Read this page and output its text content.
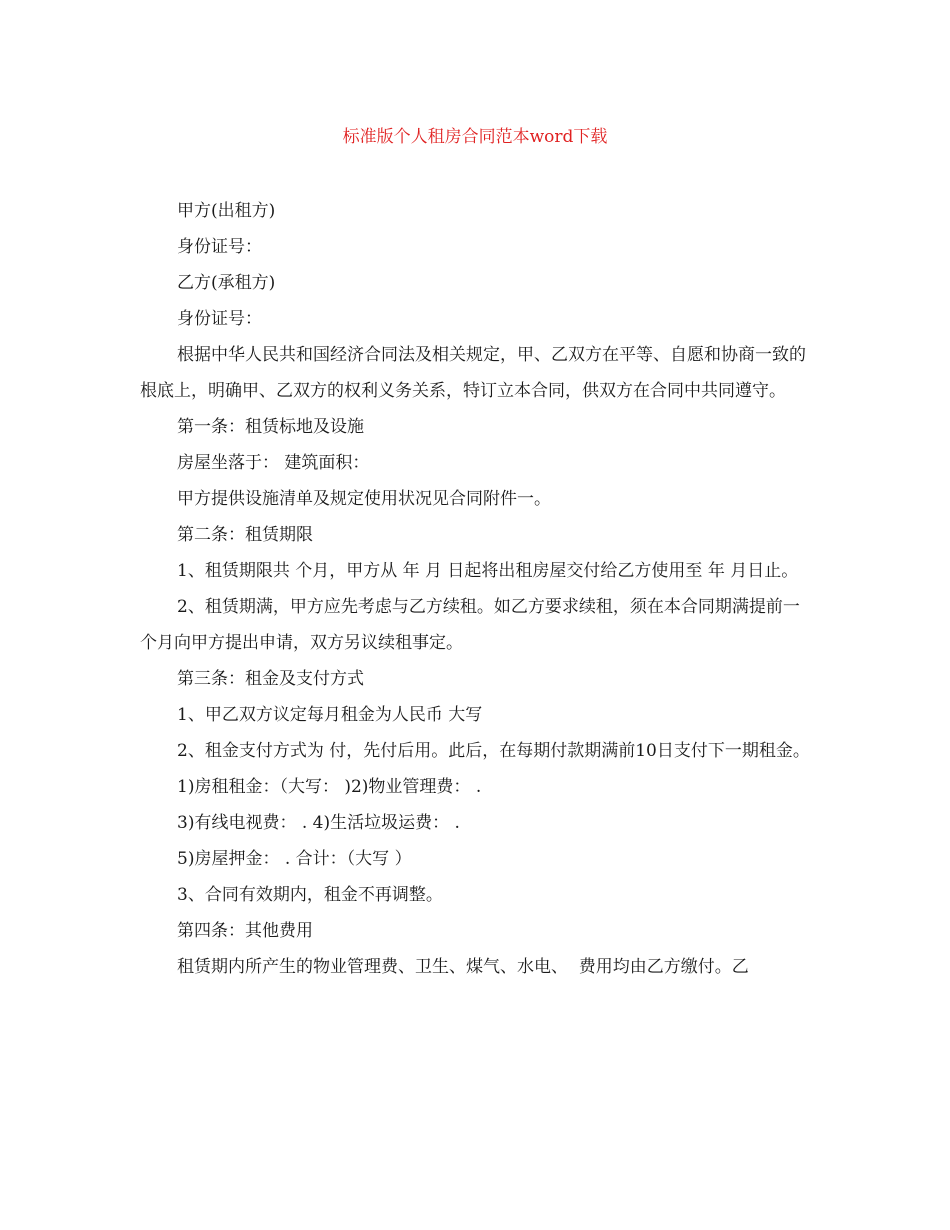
标准版个人租房合同范本word下载

甲方(出租方)

身份证号：

乙方(承租方)

身份证号：

根据中华人民共和国经济合同法及相关规定，甲、乙双方在平等、自愿和协商一致的根底上，明确甲、乙双方的权利义务关系，特订立本合同，供双方在合同中共同遵守。

第一条：租赁标地及设施

房屋坐落于： 建筑面积：

甲方提供设施清单及规定使用状况见合同附件一。

第二条：租赁期限

1、租赁期限共 个月，甲方从 年 月 日起将出租房屋交付给乙方使用至 年 月日止。

2、租赁期满，甲方应先考虑与乙方续租。如乙方要求续租，须在本合同期满提前一个月向甲方提出申请，双方另议续租事定。

第三条：租金及支付方式

1、甲乙双方议定每月租金为人民币 大写

2、租金支付方式为 付，先付后用。此后，在每期付款期满前10日支付下一期租金。

1)房租租金：（大写： )2)物业管理费： .

3)有线电视费： . 4)生活垃圾运费： .

5)房屋押金： . 合计：（大写 ）

3、合同有效期内，租金不再调整。

第四条：其他费用

租赁期内所产生的物业管理费、卫生、煤气、水电、  费用均由乙方缴付。乙
